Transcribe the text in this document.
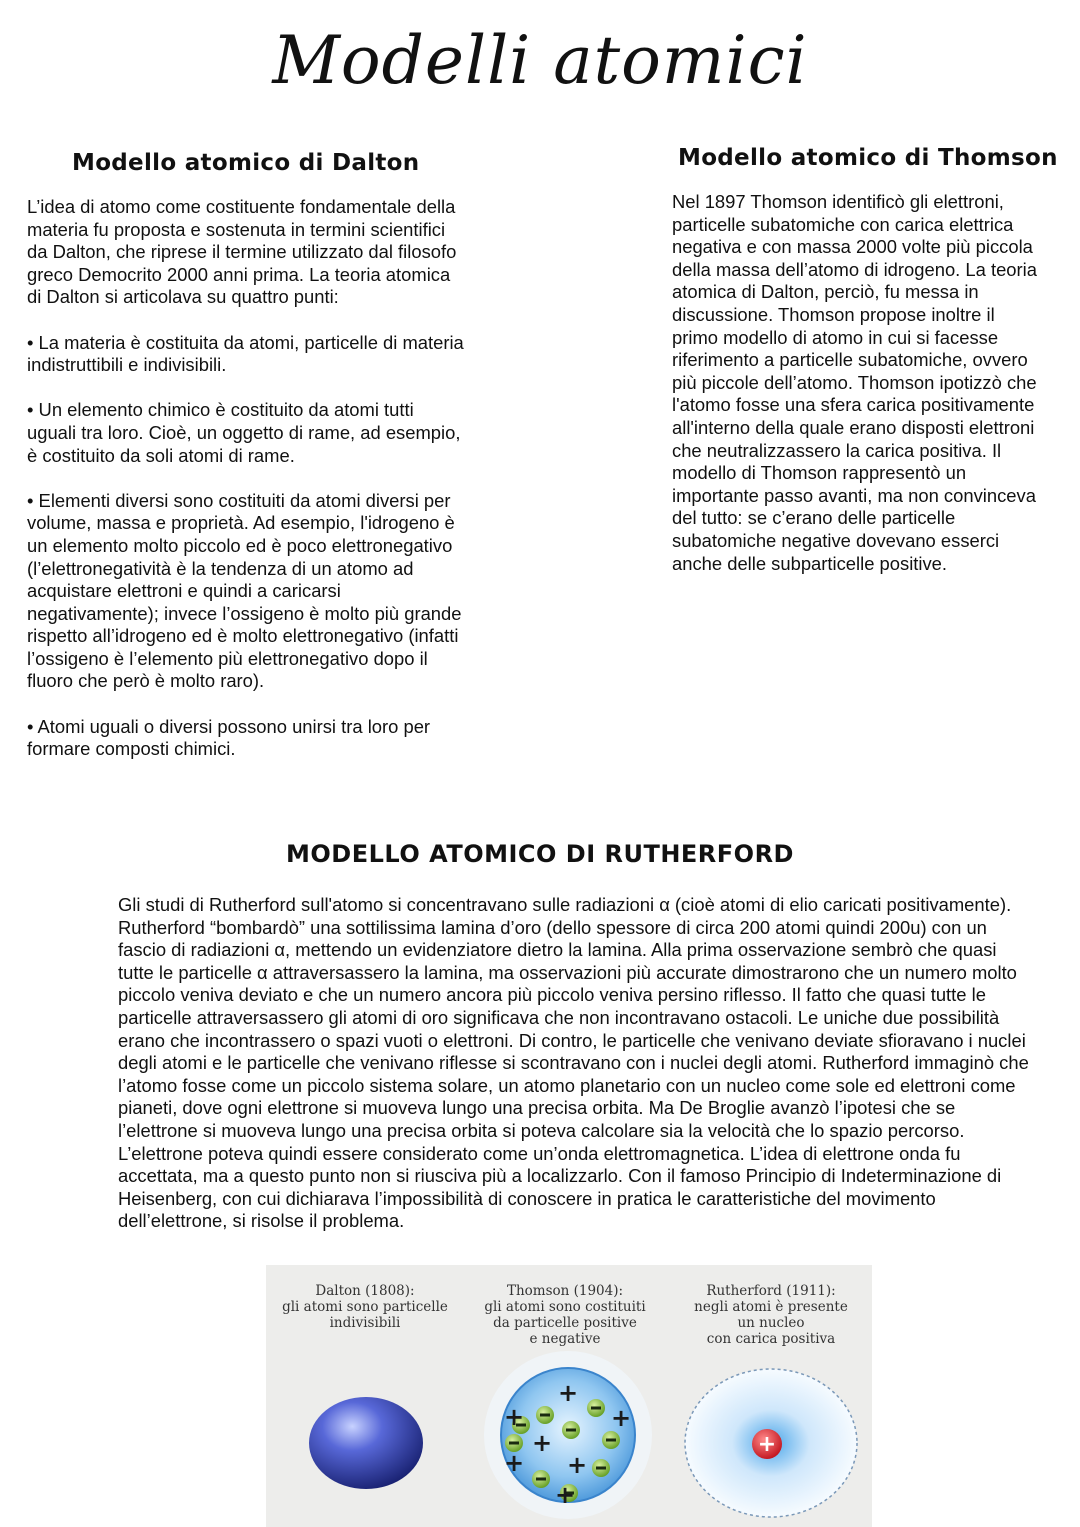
Modelli atomici
Modello atomico di Dalton

L’idea di atomo come costituente fondamentale della materia fu proposta e sostenuta in termini scientifici da Dalton, che riprese il termine utilizzato dal filosofo greco Democrito 2000 anni prima. La teoria atomica di Dalton si articolava su quattro punti:

• La materia è costituita da atomi, particelle di materia indistruttibili e indivisibili.

• Un elemento chimico è costituito da atomi tutti uguali tra loro. Cioè, un oggetto di rame, ad esempio, è costituito da soli atomi di rame.

• Elementi diversi sono costituiti da atomi diversi per volume, massa e proprietà. Ad esempio, l'idrogeno è un elemento molto piccolo ed è poco elettronegativo (l’elettronegatività è la tendenza di un atomo ad acquistare elettroni e quindi a caricarsi negativamente); invece l’ossigeno è molto più grande rispetto all’idrogeno ed è molto elettronegativo (infatti l’ossigeno è l’elemento più elettronegativo dopo il fluoro che però è molto raro).

• Atomi uguali o diversi possono unirsi tra loro per formare composti chimici.

Modello atomico di Thomson

Nel 1897 Thomson identificò gli elettroni, particelle subatomiche con carica elettrica negativa e con massa 2000 volte più piccola della massa dell’atomo di idrogeno. La teoria atomica di Dalton, perciò, fu messa in discussione. Thomson propose inoltre il primo modello di atomo in cui si facesse riferimento a particelle subatomiche, ovvero più piccole dell’atomo. Thomson ipotizzò che l'atomo fosse una sfera carica positivamente all'interno della quale erano disposti elettroni che neutralizzassero la carica positiva. Il modello di Thomson rappresentò un importante passo avanti, ma non convinceva del tutto: se c’erano delle particelle subatomiche negative dovevano esserci anche delle subparticelle positive.

MODELLO ATOMICO DI RUTHERFORD

Gli studi di Rutherford sull'atomo si concentravano sulle radiazioni α (cioè atomi di elio caricati positivamente). Rutherford “bombardò” una sottilissima lamina d’oro (dello spessore di circa 200 atomi quindi 200u) con un fascio di radiazioni α, mettendo un evidenziatore dietro la lamina. Alla prima osservazione sembrò che quasi tutte le particelle α attraversassero la lamina, ma osservazioni più accurate dimostrarono che un numero molto piccolo veniva deviato e che un numero ancora più piccolo veniva persino riflesso. Il fatto che quasi tutte le particelle attraversassero gli atomi di oro significava che non incontravano ostacoli. Le uniche due possibilità erano che incontrassero o spazi vuoti o elettroni. Di contro, le particelle che venivano deviate sfioravano i nuclei degli atomi e le particelle che venivano riflesse si scontravano con i nuclei degli atomi. Rutherford immaginò che l’atomo fosse come un piccolo sistema solare, un atomo planetario con un nucleo come sole ed elettroni come pianeti, dove ogni elettrone si muoveva lungo una precisa orbita. Ma De Broglie avanzò l’ipotesi che se l’elettrone si muoveva lungo una precisa orbita si poteva calcolare sia la velocità che lo spazio percorso. L’elettrone poteva quindi essere considerato come un’onda elettromagnetica. L’idea di elettrone onda fu accettata, ma a questo punto non si riusciva più a localizzarlo. Con il famoso Principio di Indeterminazione di Heisenberg, con cui dichiarava l’impossibilità di conoscere in pratica le caratteristiche del movimento dell’elettrone, si risolse il problema.

Dalton (1808):
gli atomi sono particelle
indivisibili
Thomson (1904):
gli atomi sono costituiti
da particelle positive
e negative
Rutherford (1911):
negli atomi è presente
un nucleo
con carica positiva
+
+
+
+
+
+
+
+
